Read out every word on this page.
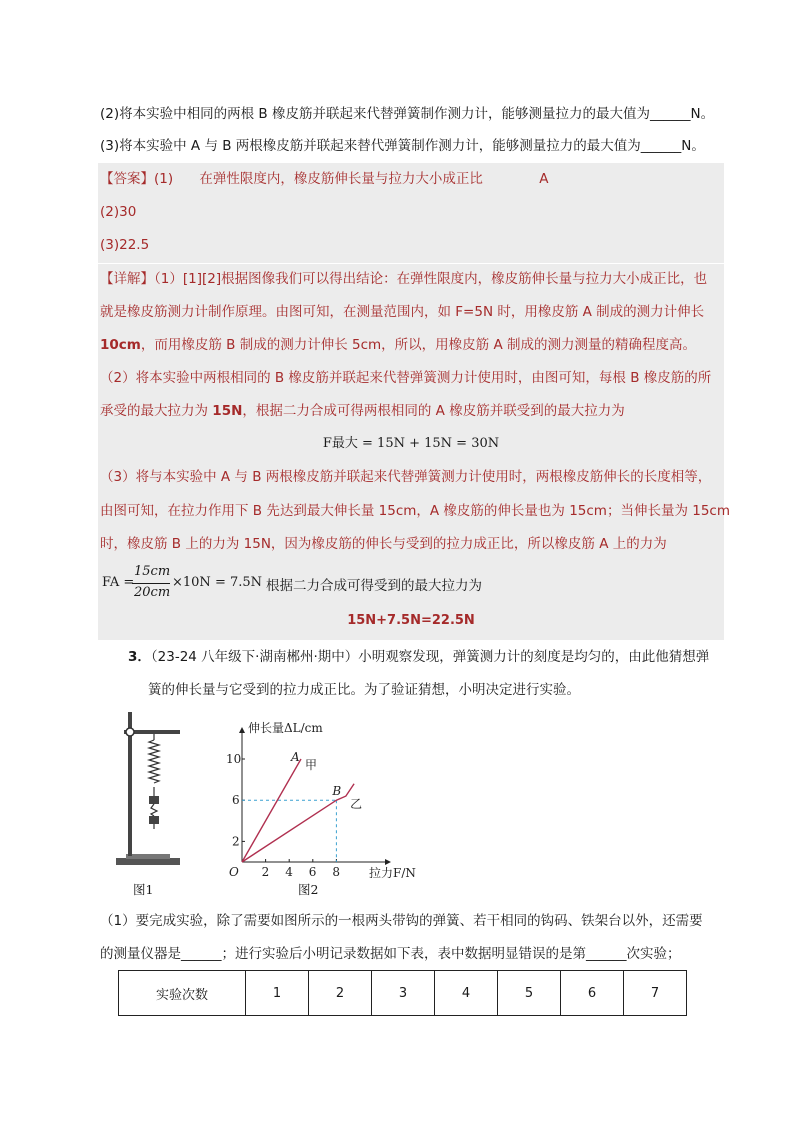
(2)将本实验中相同的两根 B 橡皮筋并联起来代替弹簧制作测力计，能够测量拉力的最大值为______N。
(3)将本实验中 A 与 B 两根橡皮筋并联起来替代弹簧制作测力计，能够测量拉力的最大值为______N。
【答案】(1) 在弹性限度内，橡皮筋伸长量与拉力大小成正比	A
(2)30
(3)22.5
【详解】（1）[1][2]根据图像我们可以得出结论：在弹性限度内，橡皮筋伸长量与拉力大小成正比，也
就是橡皮筋测力计制作原理。由图可知，在测量范围内，如 F=5N 时，用橡皮筋 A 制成的测力计伸长
10cm，而用橡皮筋 B 制成的测力计伸长 5cm，所以，用橡皮筋 A 制成的测力测量的精确程度高。
（2）将本实验中两根相同的 B 橡皮筋并联起来代替弹簧测力计使用时，由图可知，每根 B 橡皮筋的所
承受的最大拉力为 15N，根据二力合成可得两根相同的 A 橡皮筋并联受到的最大拉力为
F最大 = 15N + 15N = 30N
（3）将与本实验中 A 与 B 两根橡皮筋并联起来代替弹簧测力计使用时，两根橡皮筋伸长的长度相等，
由图可知，在拉力作用下 B 先达到最大伸长量 15cm，A 橡皮筋的伸长量也为 15cm；当伸长量为 15cm
时，橡皮筋 B 上的力为 15N，因为橡皮筋的伸长与受到的拉力成正比，所以橡皮筋 A 上的力为
FA =
15cm
20cm
×10N = 7.5N 根据二力合成可得受到的最大拉力为
15N+7.5N=22.5N
3．（23-24 八年级下·湖南郴州·期中）小明观察发现，弹簧测力计的刻度是均匀的，由此他猜想弹
簧的伸长量与它受到的拉力成正比。为了验证猜想，小明决定进行实验。
图1
伸长量ΔL/cm
拉力F/N
O 2 4 6 8
2
6
10	A
甲
B
乙
图2
（1）要完成实验，除了需要如图所示的一根两头带钩的弹簧、若干相同的钩码、铁架台以外，还需要
的测量仪器是______；进行实验后小明记录数据如下表，表中数据明显错误的是第______次实验；
实验次数	1	2	3	4	5	6	7
